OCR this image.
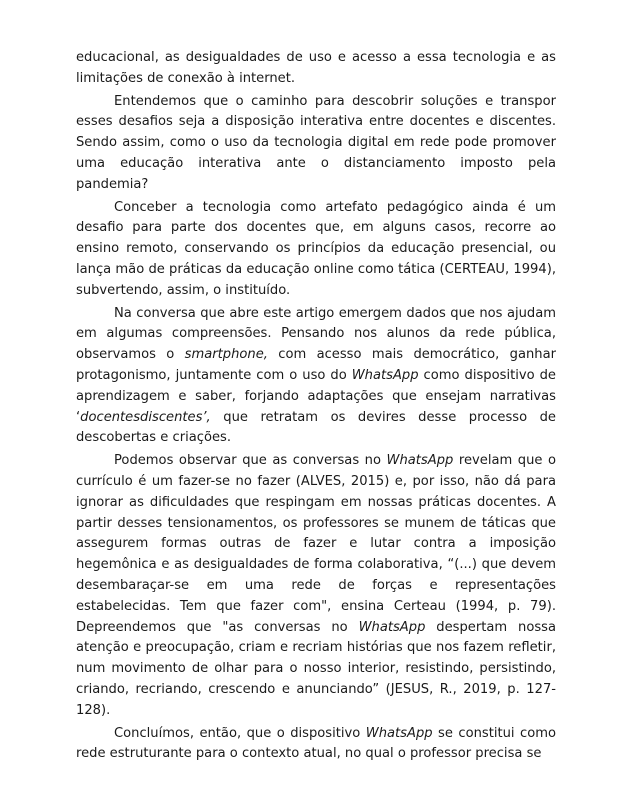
educacional, as desigualdades de uso e acesso a essa tecnologia e as limitações de conexão à internet.

Entendemos que o caminho para descobrir soluções e transpor esses desafios seja a disposição interativa entre docentes e discentes. Sendo assim, como o uso da tecnologia digital em rede pode promover uma educação interativa ante o distanciamento imposto pela pandemia?

Conceber a tecnologia como artefato pedagógico ainda é um desafio para parte dos docentes que, em alguns casos, recorre ao ensino remoto, conservando os princípios da educação presencial, ou lança mão de práticas da educação online como tática (CERTEAU, 1994), subvertendo, assim, o instituído.

Na conversa que abre este artigo emergem dados que nos ajudam em algumas compreensões. Pensando nos alunos da rede pública, observamos o smartphone, com acesso mais democrático, ganhar protagonismo, juntamente com o uso do WhatsApp como dispositivo de aprendizagem e saber, forjando adaptações que ensejam narrativas ‘docentesdiscentes’, que retratam os devires desse processo de descobertas e criações.

Podemos observar que as conversas no WhatsApp revelam que o currículo é um fazer-se no fazer (ALVES, 2015) e, por isso, não dá para ignorar as dificuldades que respingam em nossas práticas docentes. A partir desses tensionamentos, os professores se munem de táticas que assegurem formas outras de fazer e lutar contra a imposição hegemônica e as desigualdades de forma colaborativa, “(...) que devem desembaraçar-se em uma rede de forças e representações estabelecidas. Tem que fazer com", ensina Certeau (1994, p. 79). Depreendemos que "as conversas no WhatsApp despertam nossa atenção e preocupação, criam e recriam histórias que nos fazem refletir, num movimento de olhar para o nosso interior, resistindo, persistindo, criando, recriando, crescendo e anunciando” (JESUS, R., 2019, p. 127-128).

Concluímos, então, que o dispositivo WhatsApp se constitui como rede estruturante para o contexto atual, no qual o professor precisa se
